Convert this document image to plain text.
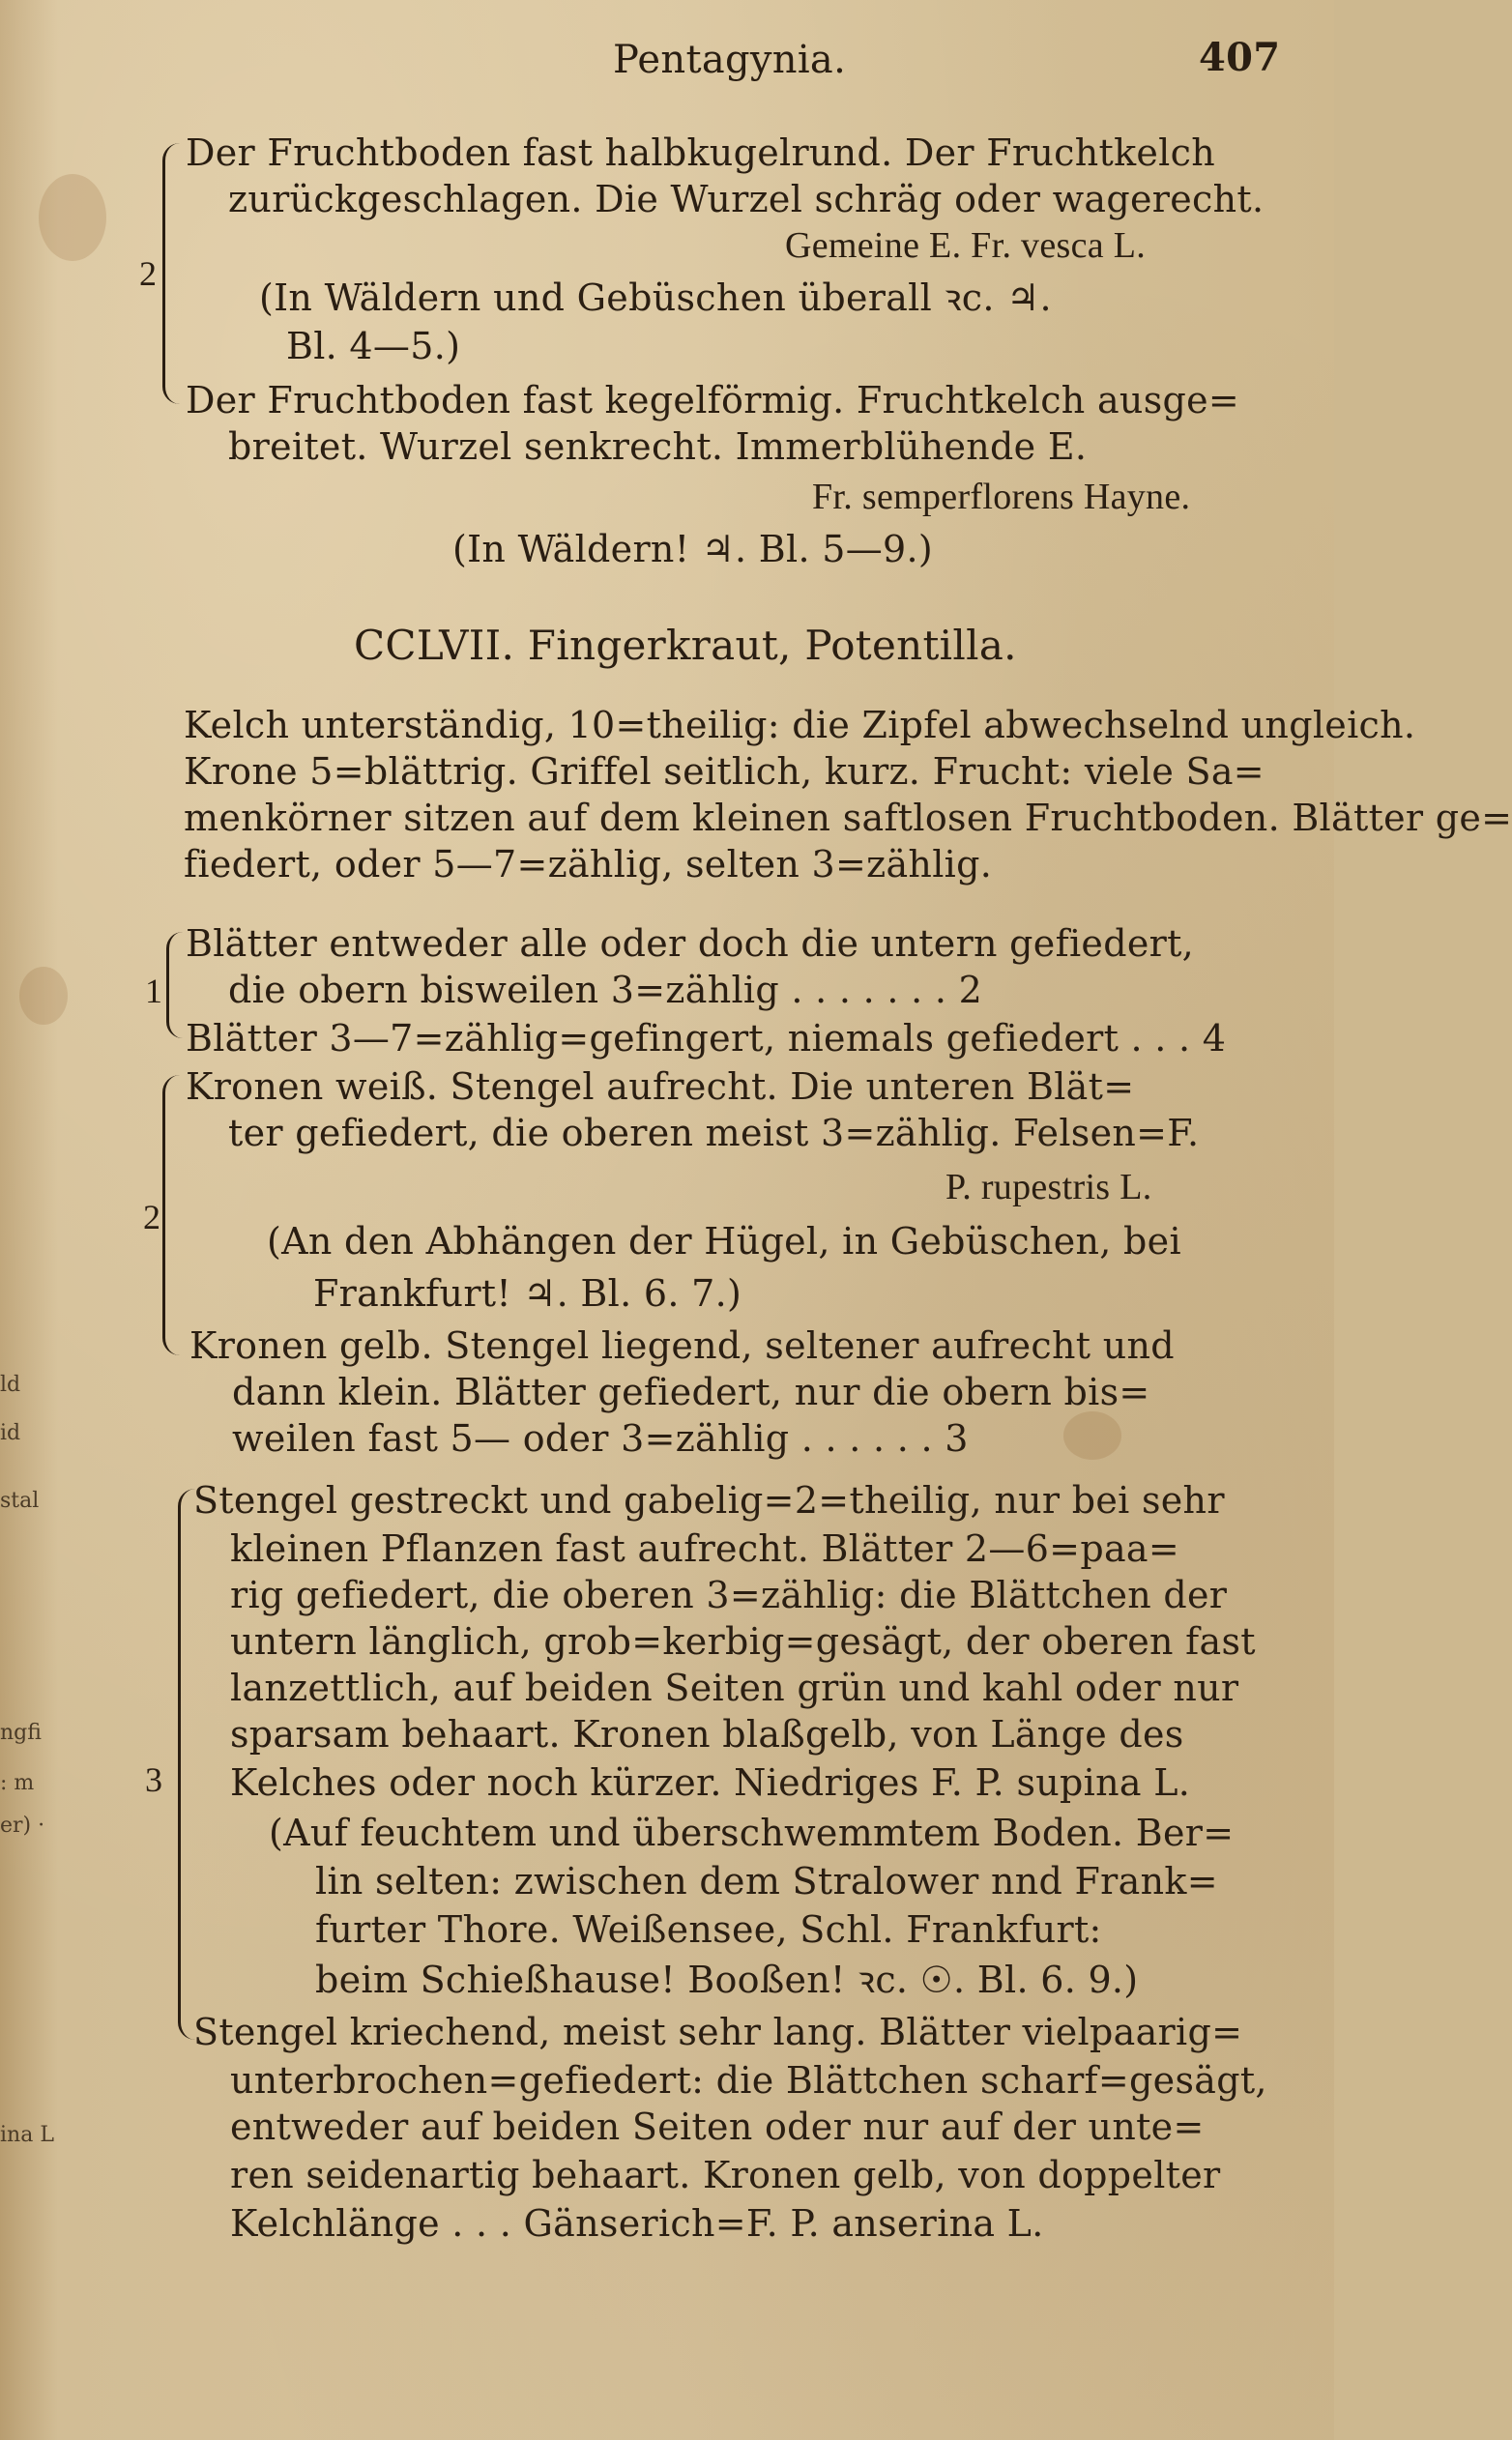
Pentagynia.	407
2
Der Fruchtboden fast halbkugelrund. Der Fruchtkelch
zurückgeschlagen. Die Wurzel schräg oder wagerecht.
Gemeine E. Fr. vesca L.
(In Wäldern und Gebüschen überall ꝛc. ♃.
Bl. 4—5.)
Der Fruchtboden fast kegelförmig. Fruchtkelch ausge=
breitet. Wurzel senkrecht. Immerblühende E.
Fr. semperflorens Hayne.
(In Wäldern! ♃. Bl. 5—9.)
CCLVII. Fingerkraut, Potentilla.
Kelch unterständig, 10=theilig: die Zipfel abwechselnd ungleich.
Krone 5=blättrig. Griffel seitlich, kurz. Frucht: viele Sa=
menkörner sitzen auf dem kleinen saftlosen Fruchtboden. Blätter ge=
fiedert, oder 5—7=zählig, selten 3=zählig.
1
Blätter entweder alle oder doch die untern gefiedert,
die obern bisweilen 3=zählig . . . . . . . 2
Blätter 3—7=zählig=gefingert, niemals gefiedert . . . 4
2
Kronen weiß. Stengel aufrecht. Die unteren Blät=
ter gefiedert, die oberen meist 3=zählig. Felsen=F.
P. rupestris L.
(An den Abhängen der Hügel, in Gebüschen, bei
Frankfurt! ♃. Bl. 6. 7.)
Kronen gelb. Stengel liegend, seltener aufrecht und
dann klein. Blätter gefiedert, nur die obern bis=
weilen fast 5— oder 3=zählig . . . . . . 3
3
Stengel gestreckt und gabelig=2=theilig, nur bei sehr
kleinen Pflanzen fast aufrecht. Blätter 2—6=paa=
rig gefiedert, die oberen 3=zählig: die Blättchen der
untern länglich, grob=kerbig=gesägt, der oberen fast
lanzettlich, auf beiden Seiten grün und kahl oder nur
sparsam behaart. Kronen blaßgelb, von Länge des
Kelches oder noch kürzer. Niedriges F. P. supina L.
(Auf feuchtem und überschwemmtem Boden. Ber=
lin selten: zwischen dem Stralower nnd Frank=
furter Thore. Weißensee, Schl. Frankfurt:
beim Schießhause! Booßen! ꝛc. ☉. Bl. 6. 9.)
Stengel kriechend, meist sehr lang. Blätter vielpaarig=
unterbrochen=gefiedert: die Blättchen scharf=gesägt,
entweder auf beiden Seiten oder nur auf der unte=
ren seidenartig behaart. Kronen gelb, von doppelter
Kelchlänge . . . Gänserich=F. P. anserina L.
ld
id
stal
ngfi
: m
er) ·
ina L
